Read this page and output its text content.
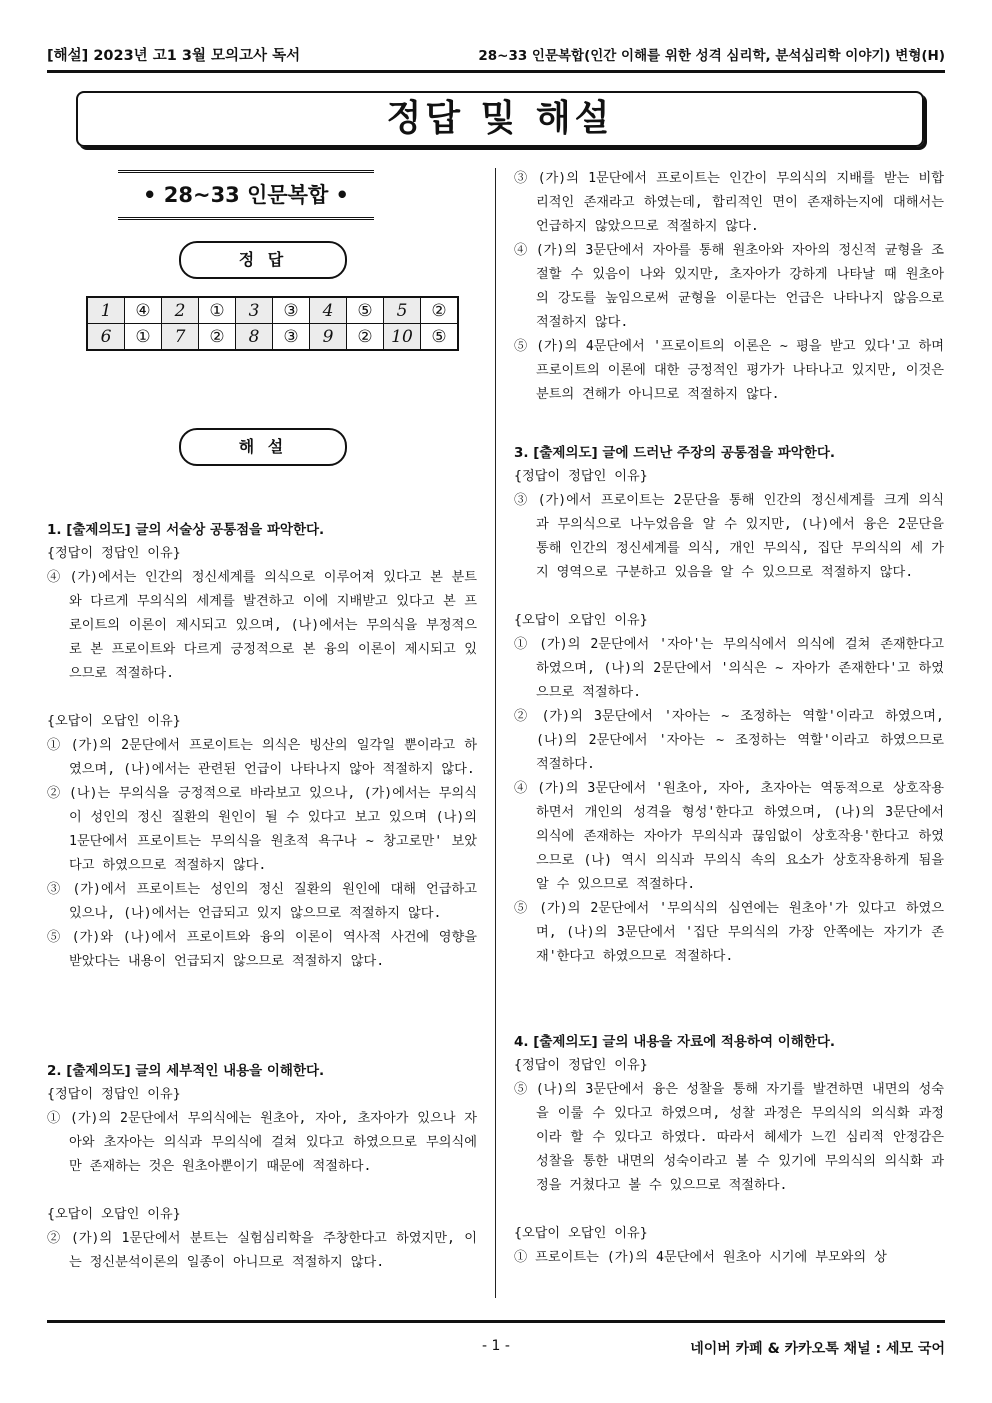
[해설] 2023년 고1 3월 모의고사 독서	28~33 인문복합(인간 이해를 위한 성격 심리학, 분석심리학 이야기) 변형(H)
정답 및 해설
• 28~33 인문복합 •
정 답
1	④	2	①	3	③	4	⑤	5	②
6	①	7	②	8	③	9	②	10	⑤
해 설
1. [출제의도] 글의 서술상 공통점을 파악한다.
{정답이 정답인 이유}
④ (가)에서는 인간의 정신세계를 의식으로 이루어져 있다고 본 분트와 다르게 무의식의 세계를 발견하고 이에 지배받고 있다고 본 프로이트의 이론이 제시되고 있으며, (나)에서는 무의식을 부정적으로 본 프로이트와 다르게 긍정적으로 본 융의 이론이 제시되고 있으므로 적절하다.
{오답이 오답인 이유}
① (가)의 2문단에서 프로이트는 의식은 빙산의 일각일 뿐이라고 하였으며, (나)에서는 관련된 언급이 나타나지 않아 적절하지 않다.
② (나)는 무의식을 긍정적으로 바라보고 있으나, (가)에서는 무의식이 성인의 정신 질환의 원인이 될 수 있다고 보고 있으며 (나)의 1문단에서 프로이트는 무의식을 원초적 욕구나 ~ 창고로만' 보았다고 하였으므로 적절하지 않다.
③ (가)에서 프로이트는 성인의 정신 질환의 원인에 대해 언급하고 있으나, (나)에서는 언급되고 있지 않으므로 적절하지 않다.
⑤ (가)와 (나)에서 프로이트와 융의 이론이 역사적 사건에 영향을 받았다는 내용이 언급되지 않으므로 적절하지 않다.
2. [출제의도] 글의 세부적인 내용을 이해한다.
{정답이 정답인 이유}
① (가)의 2문단에서 무의식에는 원초아, 자아, 초자아가 있으나 자아와 초자아는 의식과 무의식에 걸쳐 있다고 하였으므로 무의식에만 존재하는 것은 원초아뿐이기 때문에 적절하다.
{오답이 오답인 이유}
② (가)의 1문단에서 분트는 실험심리학을 주창한다고 하였지만, 이는 정신분석이론의 일종이 아니므로 적절하지 않다.
③ (가)의 1문단에서 프로이트는 인간이 무의식의 지배를 받는 비합리적인 존재라고 하였는데, 합리적인 면이 존재하는지에 대해서는 언급하지 않았으므로 적절하지 않다.
④ (가)의 3문단에서 자아를 통해 원초아와 자아의 정신적 균형을 조절할 수 있음이 나와 있지만, 초자아가 강하게 나타날 때 원초아의 강도를 높임으로써 균형을 이룬다는 언급은 나타나지 않음으로 적절하지 않다.
⑤ (가)의 4문단에서 '프로이트의 이론은 ~ 평을 받고 있다'고 하며 프로이트의 이론에 대한 긍정적인 평가가 나타나고 있지만, 이것은 분트의 견해가 아니므로 적절하지 않다.
3. [출제의도] 글에 드러난 주장의 공통점을 파악한다.
{정답이 정답인 이유}
③ (가)에서 프로이트는 2문단을 통해 인간의 정신세계를 크게 의식과 무의식으로 나누었음을 알 수 있지만, (나)에서 융은 2문단을 통해 인간의 정신세계를 의식, 개인 무의식, 집단 무의식의 세 가지 영역으로 구분하고 있음을 알 수 있으므로 적절하지 않다.
{오답이 오답인 이유}
① (가)의 2문단에서 '자아'는 무의식에서 의식에 걸쳐 존재한다고 하였으며, (나)의 2문단에서 '의식은 ~ 자아가 존재한다'고 하였으므로 적절하다.
② (가)의 3문단에서 '자아는 ~ 조정하는 역할'이라고 하였으며, (나)의 2문단에서 '자아는 ~ 조정하는 역할'이라고 하였으므로 적절하다.
④ (가)의 3문단에서 '원초아, 자아, 초자아는 역동적으로 상호작용하면서 개인의 성격을 형성'한다고 하였으며, (나)의 3문단에서 의식에 존재하는 자아가 무의식과 끊임없이 상호작용'한다고 하였으므로 (나) 역시 의식과 무의식 속의 요소가 상호작용하게 됨을 알 수 있으므로 적절하다.
⑤ (가)의 2문단에서 '무의식의 심연에는 원초아'가 있다고 하였으며, (나)의 3문단에서 '집단 무의식의 가장 안쪽에는 자기가 존재'한다고 하였으므로 적절하다.
4. [출제의도] 글의 내용을 자료에 적용하여 이해한다.
{정답이 정답인 이유}
⑤ (나)의 3문단에서 융은 성찰을 통해 자기를 발견하면 내면의 성숙을 이룰 수 있다고 하였으며, 성찰 과정은 무의식의 의식화 과정이라 할 수 있다고 하였다. 따라서 헤세가 느낀 심리적 안정감은 성찰을 통한 내면의 성숙이라고 볼 수 있기에 무의식의 의식화 과정을 거쳤다고 볼 수 있으므로 적절하다.
{오답이 오답인 이유}
① 프로이트는 (가)의 4문단에서 원초아 시기에 부모와의 상
- 1 -	네이버 카페 & 카카오톡 채널 : 세모 국어
